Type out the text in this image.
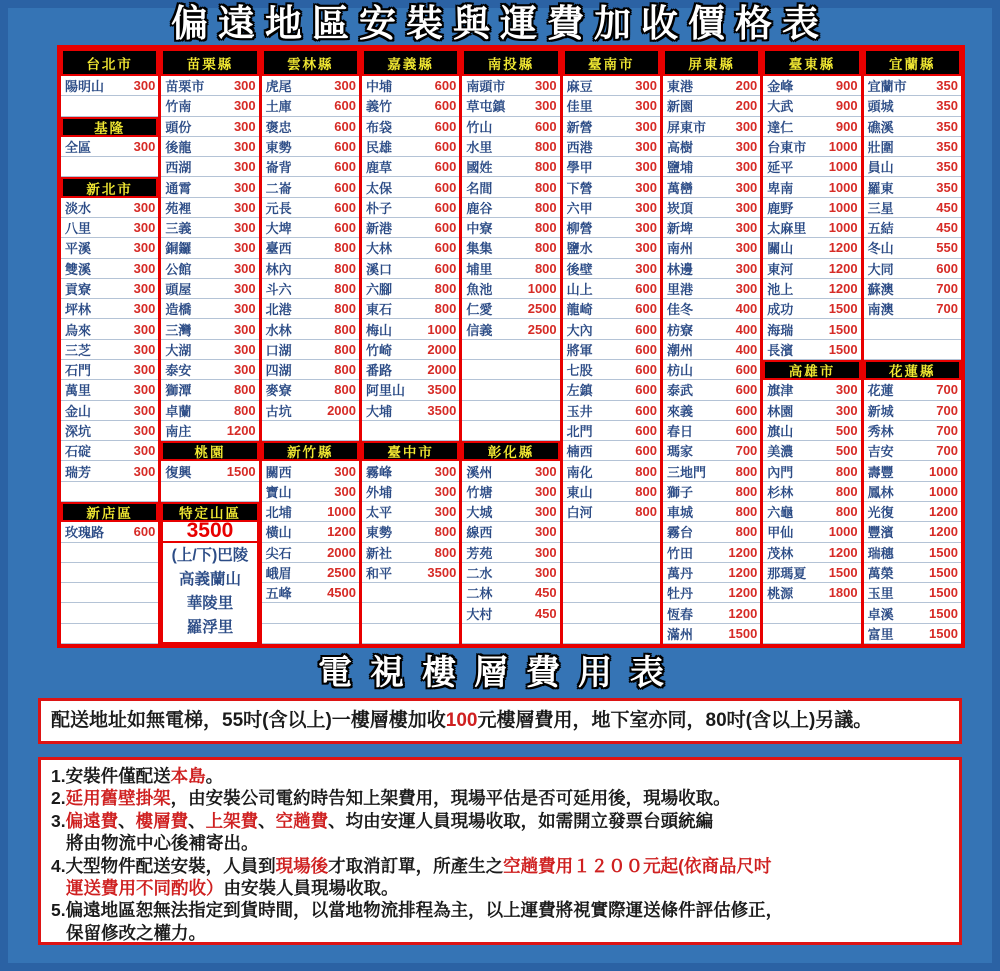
偏遠地區安裝與運費加收價格表
台北市
陽明山 300
基隆
全區	300
新北市
淡水	300
八里	300
平溪	300
雙溪	300
貢寮	300
坪林	300
烏來	300
三芝	300
石門	300
萬里	300
金山	300
深坑	300
石碇	300
瑞芳	300
新店區
玫瑰路 600
苗栗縣
苗栗市 300
竹南	300
頭份	300
後龍	300
西湖	300
通霄	300
苑裡	300
三義	300
銅鑼	300
公館	300
頭屋	300
造橋	300
三灣	300
大湖	300
泰安	300
獅潭	800
卓蘭	800
南庄	1200
桃園
復興	1500
特定山區
3500
(上/下)巴陵
高義蘭山
華陵里
羅浮里
雲林縣
虎尾	300
土庫	600
褒忠	600
東勢	600
崙背	600
二崙	600
元長	600
大埤	600
臺西	800
林內	800
斗六	800
北港	800
水林	800
口湖	800
四湖	800
麥寮	800
古坑	2000
新竹縣
關西	300
寶山	300
北埔	1000
橫山	1200
尖石	2000
峨眉	2500
五峰	4500
嘉義縣
中埔	600
義竹	600
布袋	600
民雄	600
鹿草	600
太保	600
朴子	600
新港	600
大林	600
溪口	600
六腳	800
東石	800
梅山	1000
竹崎	2000
番路	2000
阿里山 3500
大埔	3500
臺中市
霧峰	300
外埔	300
太平	300
東勢	800
新社	800
和平	3500
南投縣
南頭市 300
草屯鎮 300
竹山	600
水里	800
國姓	800
名間	800
鹿谷	800
中寮	800
集集	800
埔里	800
魚池	1000
仁愛	2500
信義	2500
彰化縣
溪州	300
竹塘	300
大城	300
線西	300
芳苑	300
二水	300
二林	450
大村	450
臺南市
麻豆	300
佳里	300
新營	300
西港	300
學甲	300
下營	300
六甲	300
柳營	300
鹽水	300
後壁	300
山上	600
龍崎	600
大內	600
將軍	600
七股	600
左鎮	600
玉井	600
北門	600
楠西	600
南化	800
東山	800
白河	800
屏東縣
東港	200
新園	200
屏東市 300
高樹	300
鹽埔	300
萬巒	300
崁頂	300
新埤	300
南州	300
林邊	300
里港	300
佳冬	400
枋寮	400
潮州	400
枋山	600
泰武	600
來義	600
春日	600
瑪家	700
三地門 800
獅子	800
車城	800
霧台	800
竹田	1200
萬丹	1200
牡丹	1200
恆春	1200
滿州	1500
臺東縣
金峰	900
大武	900
達仁	900
台東市 1000
延平	1000
卑南	1000
鹿野	1000
太麻里 1000
關山	1200
東河	1200
池上	1200
成功	1500
海瑞	1500
長濱	1500
高雄市
旗津	300
林園	300
旗山	500
美濃	500
內門	800
杉林	800
六龜	800
甲仙	1000
茂林	1200
那瑪夏 1500
桃源	1800
宜蘭縣
宜蘭市 350
頭城	350
礁溪	350
壯圍	350
員山	350
羅東	350
三星	450
五結	450
冬山	550
大同	600
蘇澳	700
南澳	700
花蓮縣
花蓮	700
新城	700
秀林	700
吉安	700
壽豐	1000
鳳林	1000
光復	1200
豐濱	1200
瑞穗	1500
萬榮	1500
玉里	1500
卓溪	1500
富里	1500
電視樓層費用表
配送地址如無電梯，55吋(含以上)一樓層樓加收100元樓層費用，地下室亦同，80吋(含以上)另議。
1.安裝件僅配送本島。
2.延用舊壁掛架，由安裝公司電約時告知上架費用，現場平估是否可延用後，現場收取。
3.偏遠費、樓層費、上架費、空趟費、均由安運人員現場收取，如需開立發票台頭統編
將由物流中心後補寄出。
4.大型物件配送安裝，人員到現場後才取消訂單，所產生之空趟費用１２００元起(依商品尺吋
運送費用不同酌收）由安裝人員現場收取。
5.偏遠地區恕無法指定到貨時間，以當地物流排程為主，以上運費將視實際運送條件評估修正，
保留修改之權力。
